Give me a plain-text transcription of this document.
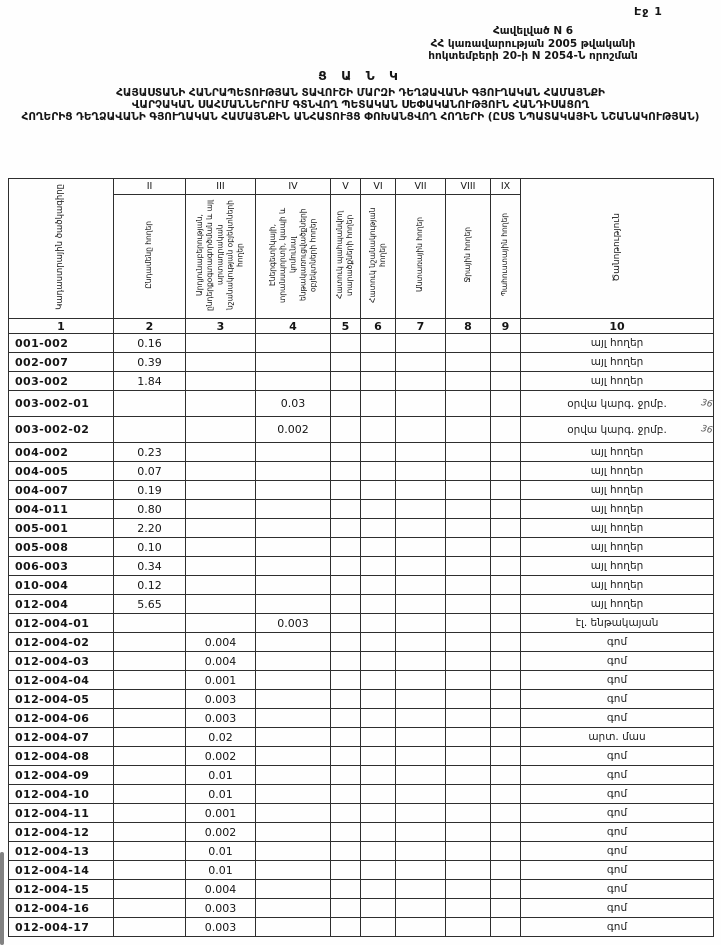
Էջ 1
Հավելված N 6
ՀՀ կառավարության 2005 թվականի
հոկտեմբերի 20-ի N 2054-Ն որոշման
Ց Ա Ն Կ
ՀԱՅԱՍՏԱՆԻ ՀԱՆՐԱՊԵՏՈՒԹՅԱՆ ՏԱՎՈՒՇԻ ՄԱՐԶԻ ԴԵՂՁԱՎԱՆԻ ԳՅՈՒՂԱԿԱՆ ՀԱՄԱՅՆՔԻ
ՎԱՐՉԱԿԱՆ ՍԱՀՄԱՆՆԵՐՈՒՄ ԳՏՆՎՈՂ ՊԵՏԱԿԱՆ ՍԵՓԱԿԱՆՈՒԹՅՈՒՆ ՀԱՆԴԻՍԱՑՈՂ
ՀՈՂԵՐԻՑ ԴԵՂՁԱՎԱՆԻ ԳՅՈՒՂԱԿԱՆ ՀԱՄԱՅՆՔԻՆ ԱՆՀԱՏՈՒՅՑ ՓՈԽԱՆՑՎՈՂ ՀՈՂԵՐԻ (ԸՍՏ ՆՊԱՏԱԿԱՅԻՆ ՆՇԱՆԱԿՈՒԹՅԱՆ)
Կադաստրային ծածկագիրը	II	III	IV	V	VI	VII	VIII	IX	Ծանոթություն
	Ընդամենը հողեր	Արդյունաբերության, ընդերքօգտագործման և այլ արտադրական նշանակության օբյեկտների հողեր	Էներգետիկայի, տրանսպորտի, կապի և կոմունալ ենթակառուցվածքների օբյեկտների հողեր	Հատուկ պահպանվող տարածքների հողեր	Հատուկ նշանակության հողեր	Անտառային հողեր	Ջրային հողեր	Պահուստային հողեր	
1	2	3	4	5	6	7	8	9	10
001-002	0.16								այլ հողեր
002-007	0.39								այլ հողեր
003-002	1.84								այլ հողեր
003-002-01			0.03						օրվա կարգ. ջրմբ. 36

003-002-02			0.002						օրվա կարգ. ջրմբ. 36

004-002	0.23								այլ հողեր
004-005	0.07								այլ հողեր
004-007	0.19								այլ հողեր
004-011	0.80								այլ հողեր
005-001	2.20								այլ հողեր
005-008	0.10								այլ հողեր
006-003	0.34								այլ հողեր
010-004	0.12								այլ հողեր
012-004	5.65								այլ հողեր
012-004-01			0.003						էլ. ենթակայան
012-004-02		0.004							գոմ
012-004-03		0.004							գոմ
012-004-04		0.001							գոմ
012-004-05		0.003							գոմ
012-004-06		0.003							գոմ
012-004-07		0.02							արտ. մաս
012-004-08		0.002							գոմ
012-004-09		0.01							գոմ
012-004-10		0.01							գոմ
012-004-11		0.001							գոմ
012-004-12		0.002							գոմ
012-004-13		0.01							գոմ
012-004-14		0.01							գոմ
012-004-15		0.004							գոմ
012-004-16		0.003							գոմ
012-004-17		0.003							գոմ
